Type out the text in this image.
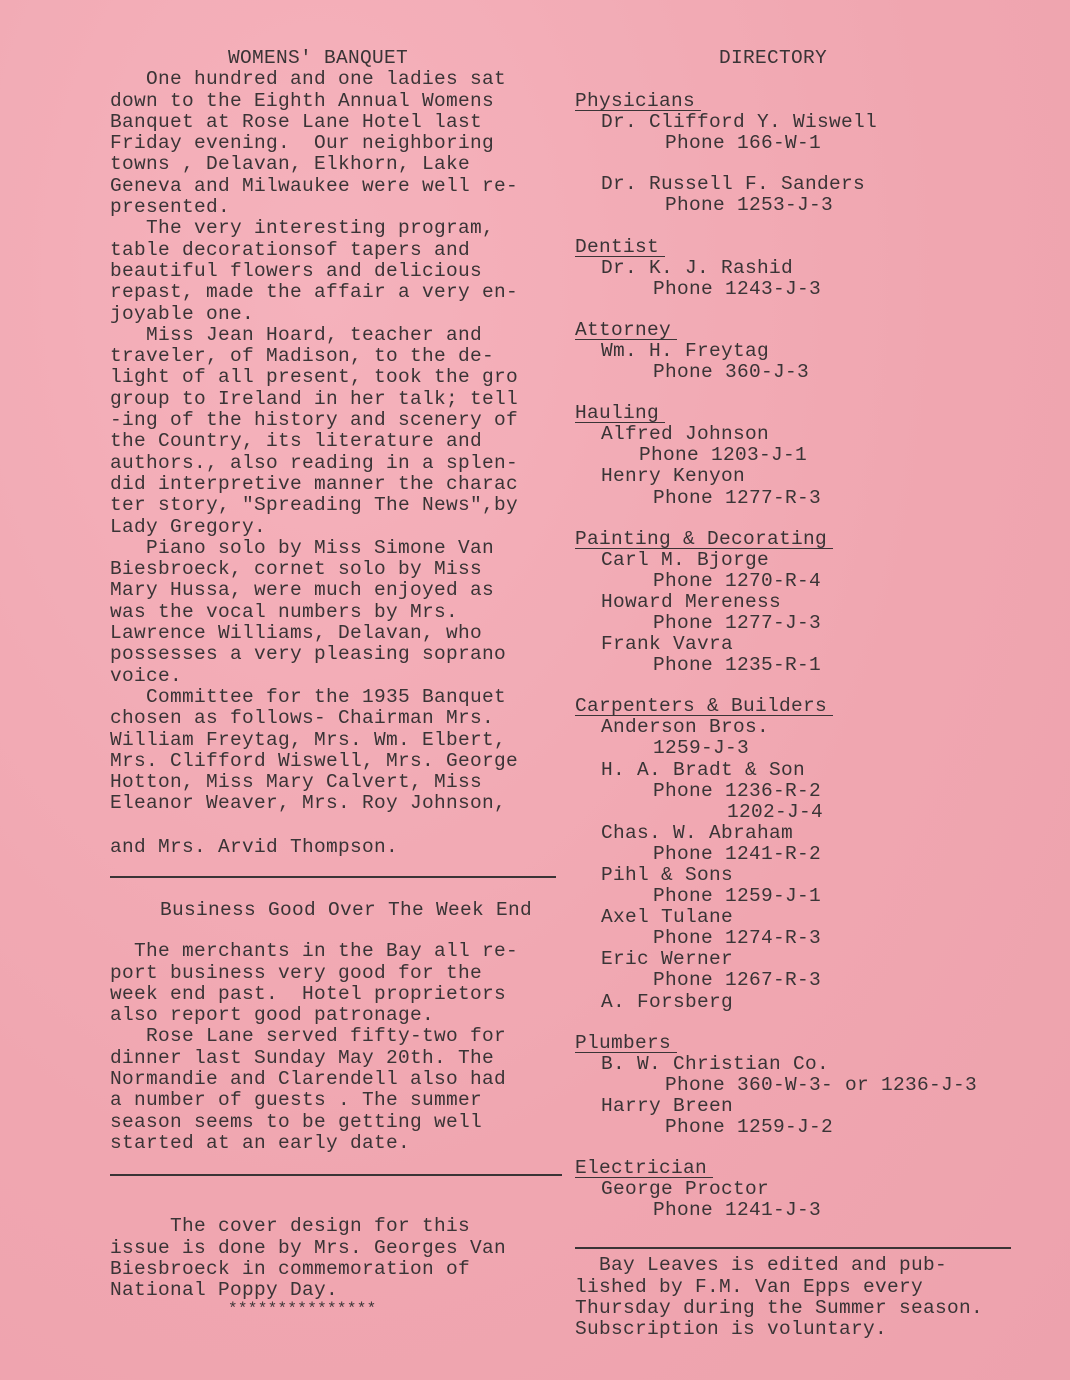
WOMENS' BANQUET
One hundred and one ladies sat
down to the Eighth Annual Womens
Banquet at Rose Lane Hotel last
Friday evening.  Our neighboring
towns , Delavan, Elkhorn, Lake
Geneva and Milwaukee were well re-
presented.
The very interesting program,
table decorationsof tapers and
beautiful flowers and delicious
repast, made the affair a very en-
joyable one.
Miss Jean Hoard, teacher and
traveler, of Madison, to the de-
light of all present, took the gro
group to Ireland in her talk; tell
-ing of the history and scenery of
the Country, its literature and
authors., also reading in a splen-
did interpretive manner the charac
ter story, "Spreading The News",by
Lady Gregory.
Piano solo by Miss Simone Van
Biesbroeck, cornet solo by Miss
Mary Hussa, were much enjoyed as
was the vocal numbers by Mrs.
Lawrence Williams, Delavan, who
possesses a very pleasing soprano
voice.
Committee for the 1935 Banquet
chosen as follows- Chairman Mrs.
William Freytag, Mrs. Wm. Elbert,
Mrs. Clifford Wiswell, Mrs. George
Hotton, Miss Mary Calvert, Miss
Eleanor Weaver, Mrs. Roy Johnson,
and Mrs. Arvid Thompson.
Business Good Over The Week End
The merchants in the Bay all re-
port business very good for the
week end past.  Hotel proprietors
also report good patronage.
Rose Lane served fifty-two for
dinner last Sunday May 20th. The
Normandie and Clarendell also had
a number of guests . The summer
season seems to be getting well
started at an early date.
The cover design for this
issue is done by Mrs. Georges Van
Biesbroeck in commemoration of
National Poppy Day.
***************
DIRECTORY
Physicians
Dr. Clifford Y. Wiswell
Phone 166-W-1
Dr. Russell F. Sanders
Phone 1253-J-3
Dentist
Dr. K. J. Rashid
Phone 1243-J-3
Attorney
Wm. H. Freytag
Phone 360-J-3
Hauling
Alfred Johnson
Phone 1203-J-1
Henry Kenyon
Phone 1277-R-3
Painting & Decorating
Carl M. Bjorge
Phone 1270-R-4
Howard Mereness
Phone 1277-J-3
Frank Vavra
Phone 1235-R-1
Carpenters & Builders
Anderson Bros.
1259-J-3
H. A. Bradt & Son
Phone 1236-R-2
1202-J-4
Chas. W. Abraham
Phone 1241-R-2
Pihl & Sons
Phone 1259-J-1
Axel Tulane
Phone 1274-R-3
Eric Werner
Phone 1267-R-3
A. Forsberg
Plumbers
B. W. Christian Co.
Phone 360-W-3- or 1236-J-3
Harry Breen
Phone 1259-J-2
Electrician
George Proctor
Phone 1241-J-3
Bay Leaves is edited and pub-
lished by F.M. Van Epps every
Thursday during the Summer season.
Subscription is voluntary.
